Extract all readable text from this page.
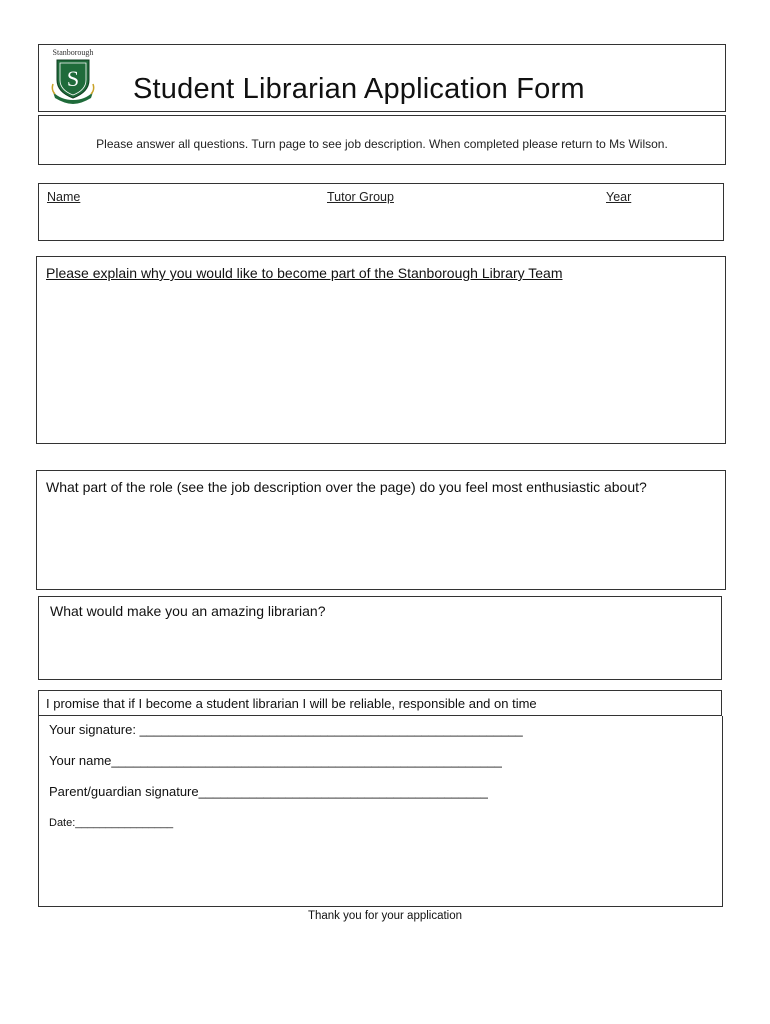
Stanborough
S Student Librarian Application Form
Please answer all questions. Turn page to see job description. When completed please return to Ms Wilson.
Name	Tutor Group	Year
Please explain why you would like to become part of the Stanborough Library Team
What part of the role (see the job description over the page) do you feel most enthusiastic about?
What would make you an amazing librarian?
I promise that if I become a student librarian I will be reliable, responsible and on time
Your signature: _____________________________________________________
Your name______________________________________________________
Parent/guardian signature________________________________________
Date:________________
Thank you for your application
